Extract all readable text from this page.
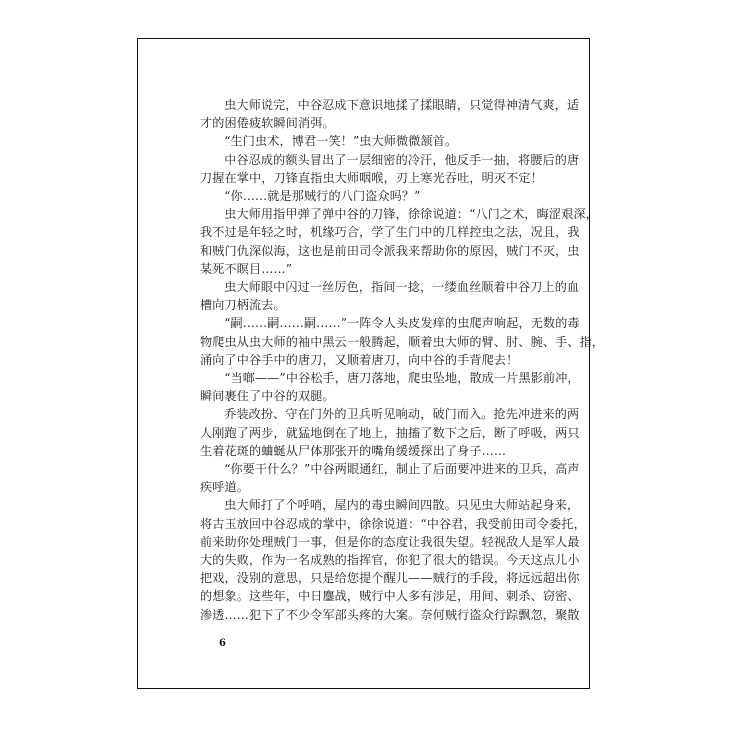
虫大师说完，中谷忍成下意识地揉了揉眼睛，只觉得神清气爽，适
才的困倦疲软瞬间消弭。

“生门虫术，博君一笑！”虫大师微微颔首。

中谷忍成的额头冒出了一层细密的冷汗，他反手一抽，将腰后的唐
刀握在掌中，刀锋直指虫大师咽喉，刃上寒光吞吐，明灭不定！

“你……就是那贼行的八门盗众吗？”

虫大师用指甲弹了弹中谷的刀锋，徐徐说道：“八门之术，晦涩艰深，
我不过是年轻之时，机缘巧合，学了生门中的几样控虫之法，况且，我
和贼门仇深似海，这也是前田司令派我来帮助你的原因，贼门不灭，虫
某死不瞑目……”

虫大师眼中闪过一丝厉色，指间一捻，一缕血丝顺着中谷刀上的血
槽向刀柄流去。

“嗣……嗣……嗣……”一阵令人头皮发痒的虫爬声响起，无数的毒
物爬虫从虫大师的袖中黑云一般腾起，顺着虫大师的臂、肘、腕、手、指，
涌向了中谷手中的唐刀，又顺着唐刀，向中谷的手背爬去！

“当啷——”中谷松手，唐刀落地，爬虫坠地，散成一片黑影前冲，
瞬间裹住了中谷的双腿。

乔装改扮、守在门外的卫兵听见响动，破门而入。抢先冲进来的两
人刚跑了两步，就猛地倒在了地上，抽搐了数下之后，断了呼吸，两只
生着花斑的蛐蜒从尸体那张开的嘴角缓缓探出了身子……

“你要干什么？”中谷两眼通红，制止了后面要冲进来的卫兵，高声
疾呼道。

虫大师打了个呼哨，屋内的毒虫瞬间四散。只见虫大师站起身来，
将古玉放回中谷忍成的掌中，徐徐说道：“中谷君，我受前田司令委托，
前来助你处理贼门一事，但是你的态度让我很失望。轻视敌人是军人最
大的失败，作为一名成熟的指挥官，你犯了很大的错误。今天这点儿小
把戏，没别的意思，只是给您提个醒儿——贼行的手段，将远远超出你
的想象。这些年，中日鏖战，贼行中人多有涉足，用间、刺杀、窃密、
渗透……犯下了不少令军部头疼的大案。奈何贼行盗众行踪飘忽，聚散

6
